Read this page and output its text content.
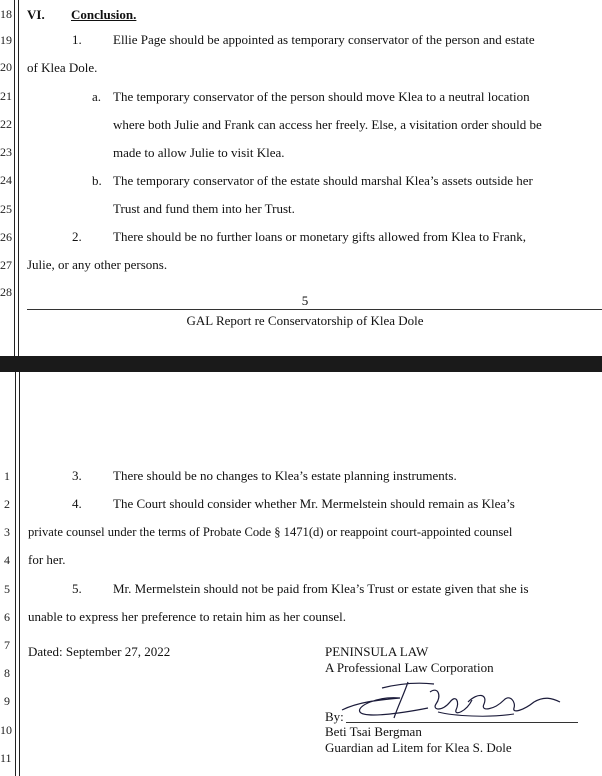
18
19
20
21
22
23
24
25
26
27
28
VI. Conclusion.
1. Ellie Page should be appointed as temporary conservator of the person and estate
of Klea Dole.
a. The temporary conservator of the person should move Klea to a neutral location
where both Julie and Frank can access her freely. Else, a visitation order should be
made to allow Julie to visit Klea.
b. The temporary conservator of the estate should marshal Klea’s assets outside her
Trust and fund them into her Trust.
2. There should be no further loans or monetary gifts allowed from Klea to Frank,
Julie, or any other persons.
5
GAL Report re Conservatorship of Klea Dole
1
2
3
4
5
6
7
8
9
10
11
3. There should be no changes to Klea’s estate planning instruments.
4. The Court should consider whether Mr. Mermelstein should remain as Klea’s
private counsel under the terms of Probate Code § 1471(d) or reappoint court-appointed counsel
for her.
5. Mr. Mermelstein should not be paid from Klea’s Trust or estate given that she is
unable to express her preference to retain him as her counsel.
Dated: September 27, 2022	PENINSULA LAW
A Professional Law Corporation
By:
Beti Tsai Bergman
Guardian ad Litem for Klea S. Dole
